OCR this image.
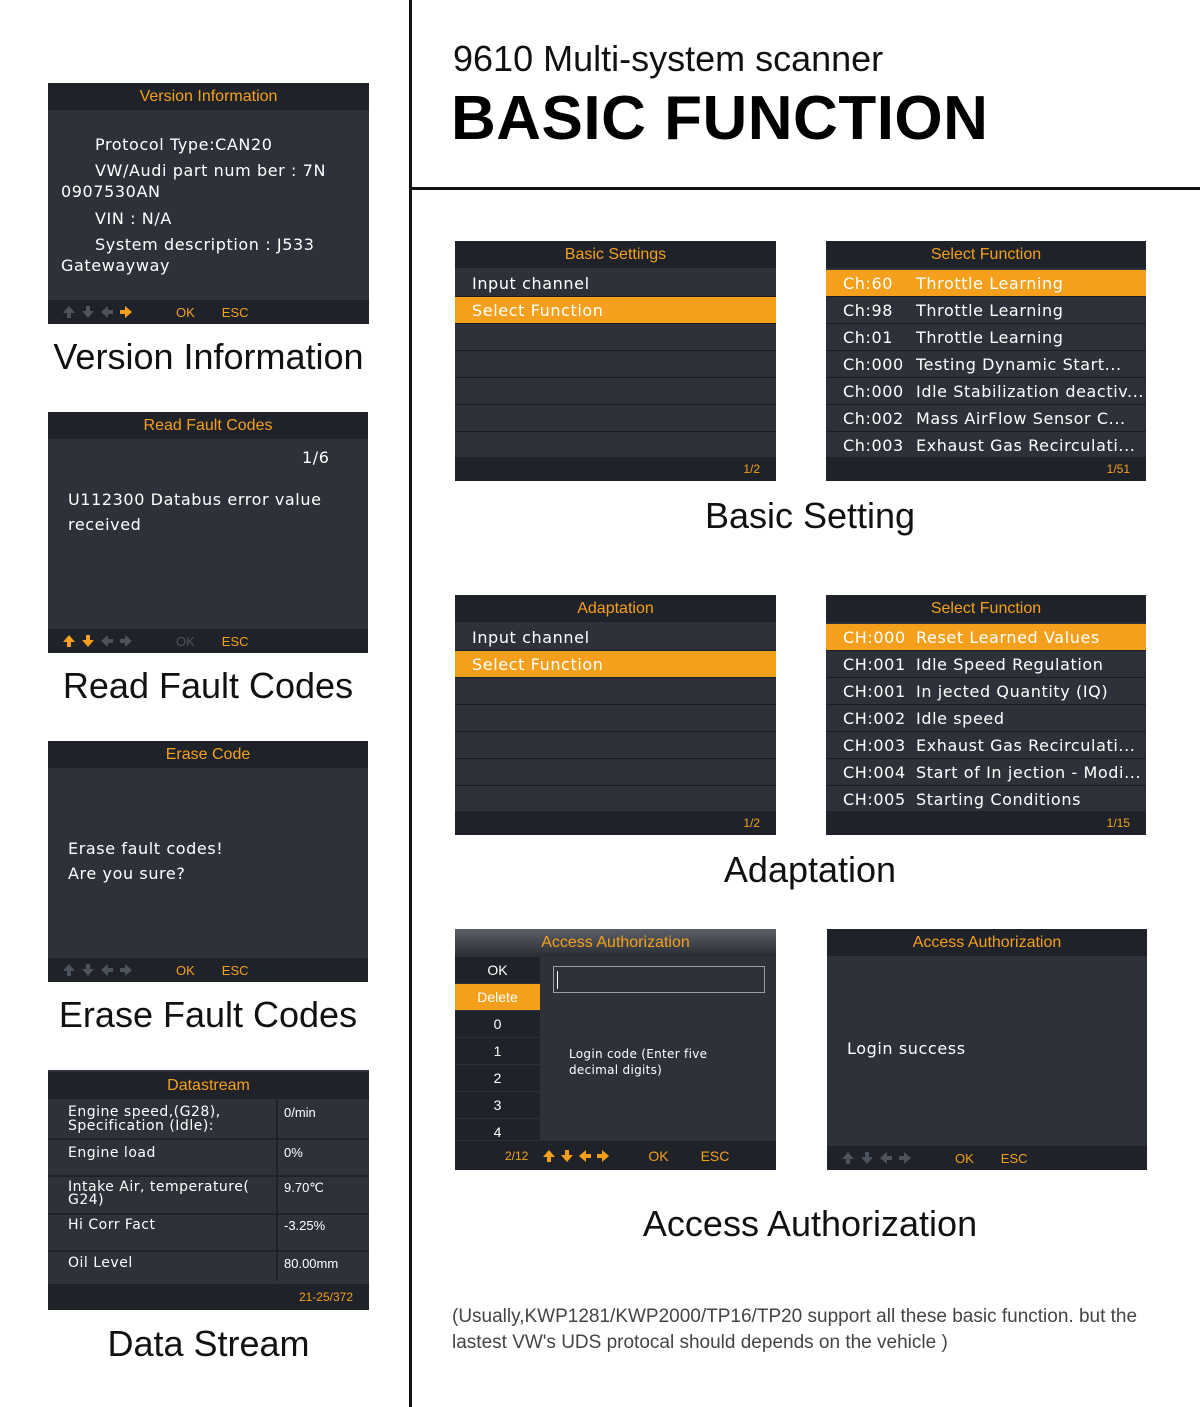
9610 Multi-system scanner
BASIC FUNCTION
Version Information
Protocol Type:CAN20
VW/Audi part num ber : 7N
0907530AN
VIN : N/A
System description : J533
Gatewayway
OK ESC
Version Information
Read Fault Codes
1/6
U112300 Databus error value
received
OK ESC
Read Fault Codes
Erase Code
Erase fault codes!
Are you sure?
OK ESC
Erase Fault Codes
Datastream
Engine speed,(G28),
Specification (Idle):
0/min
Engine load	0%
Intake Air, temperature(
G24)
9.70℃
Hi Corr Fact	-3.25%
Oil Level	80.00mm
21-25/372
Data Stream
Basic Settings
Input channel
Select Function
1/2
Select Function
Ch:60 Throttle Learning
Ch:98 Throttle Learning
Ch:01 Throttle Learning
Ch:000 Testing Dynamic Start...
Ch:000 Idle Stabilization deactiv...
Ch:002 Mass AirFlow Sensor C...
Ch:003 Exhaust Gas Recirculati...
1/51
Basic Setting
Adaptation
Input channel
Select Function
1/2
Select Function
CH:000 Reset Learned Values
CH:001 Idle Speed Regulation
CH:001 In jected Quantity (IQ)
CH:002 Idle speed
CH:003 Exhaust Gas Recirculati...
CH:004 Start of In jection - Modi...
CH:005 Starting Conditions
1/15
Adaptation
Access Authorization
OK
Delete
0
1
2
3
4
Login code (Enter five
decimal digits)
2/12	OK ESC
Access Authorization
Login success
OK ESC
Access Authorization
(Usually,KWP1281/KWP2000/TP16/TP20 support all these basic function. but the lastest VW's UDS protocal should depends on the vehicle )
